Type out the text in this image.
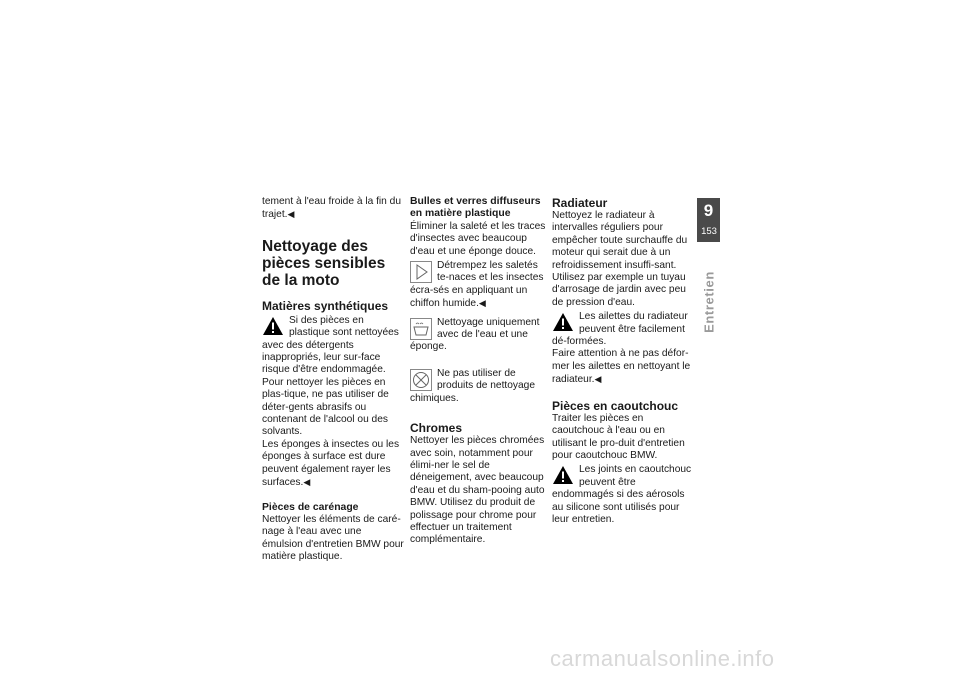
tement à l'eau froide à la fin du trajet.◀

Nettoyage des pièces sensibles de la moto
Matières synthétiques

Si des pièces en plastique sont nettoyées avec des détergents inappropriés, leur sur-face risque d'être endommagée.

Pour nettoyer les pièces en plas-tique, ne pas utiliser de déter-gents abrasifs ou contenant de l'alcool ou des solvants.

Les éponges à insectes ou les éponges à surface est dure peuvent également rayer les surfaces.◀

Pièces de carénage

Nettoyer les éléments de caré-nage à l'eau avec une émulsion d'entretien BMW pour matière plastique.

Bulles et verres diffuseurs en matière plastique

Éliminer la saleté et les traces d'insectes avec beaucoup d'eau et une éponge douce.

Détrempez les saletés te-naces et les insectes écra-sés en appliquant un chiffon humide.◀

Nettoyage uniquement avec de l'eau et une éponge.

Ne pas utiliser de produits de nettoyage chimiques.

Chromes

Nettoyer les pièces chromées avec soin, notamment pour élimi-ner le sel de déneigement, avec beaucoup d'eau et du sham-pooing auto BMW. Utilisez du produit de polissage pour chrome pour effectuer un traitement complémentaire.

Radiateur

Nettoyez le radiateur à intervalles réguliers pour empêcher toute surchauffe du moteur qui serait due à un refroidissement insuffi-sant.

Utilisez par exemple un tuyau d'arrosage de jardin avec peu de pression d'eau.

Les ailettes du radiateur peuvent être facilement dé-formées.

Faire attention à ne pas défor-mer les ailettes en nettoyant le radiateur.◀

Pièces en caoutchouc

Traiter les pièces en caoutchouc à l'eau ou en utilisant le pro-duit d'entretien pour caoutchouc BMW.

Les joints en caoutchouc peuvent être endommagés si des aérosols au silicone sont utilisés pour leur entretien.

9
153
Entretien
carmanualsonline.info
